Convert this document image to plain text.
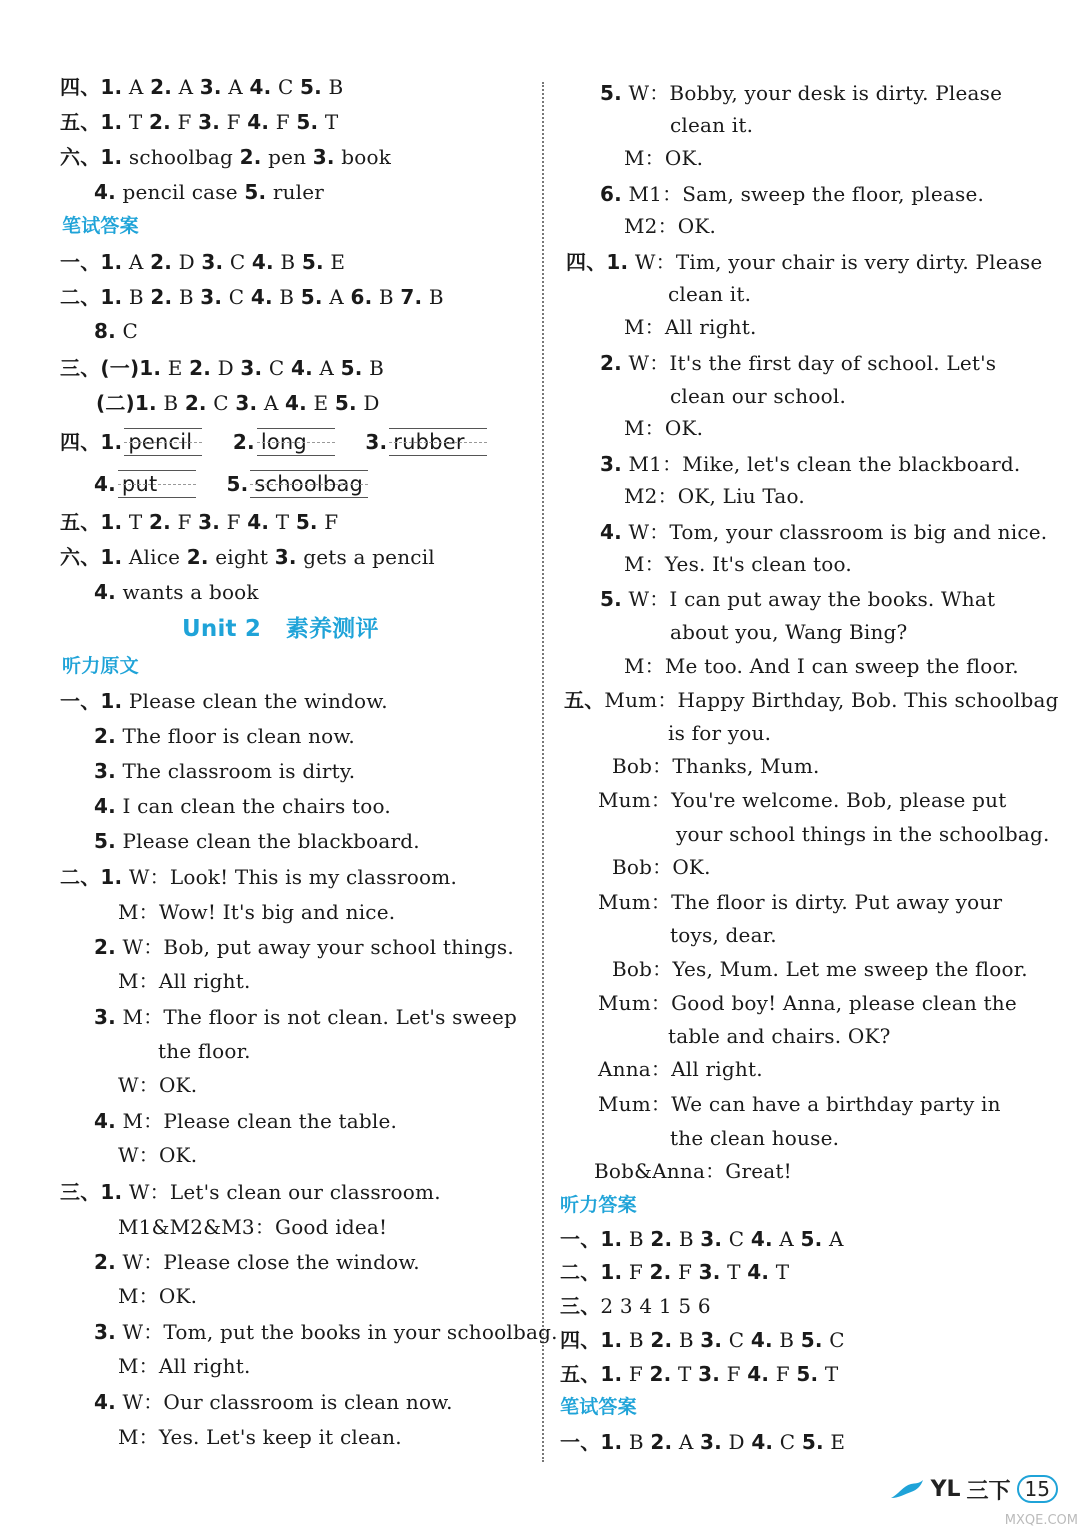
四、1. A 2. A 3. A 4. C 5. B
五、1. T 2. F 3. F 4. F 5. T
六、1. schoolbag 2. pen 3. book
4. pencil case 5. ruler
笔试答案
一、1. A 2. D 3. C 4. B 5. E
二、1. B 2. B 3. C 4. B 5. A 6. B 7. B
8. C
三、(一)1. E 2. D 3. C 4. A 5. B
(二)1. B 2. C 3. A 4. E 5. D
四、1. pencil 2. long	3. rubber
4. put	5. schoolbag
五、1. T 2. F 3. F 4. T 5. F
六、1. Alice 2. eight 3. gets a pencil
4. wants a book
Unit 2 素养测评
听力原文
一、1. Please clean the window.
2. The floor is clean now.
3. The classroom is dirty.
4. I can clean the chairs too.
5. Please clean the blackboard.
二、1. W：Look! This is my classroom.
M：Wow! It's big and nice.
2. W：Bob, put away your school things.
M：All right.
3. M：The floor is not clean. Let's sweep
the floor.
W：OK.
4. M：Please clean the table.
W：OK.
三、1. W：Let's clean our classroom.
M1&M2&M3：Good idea!
2. W：Please close the window.
M：OK.
3. W：Tom, put the books in your schoolbag.
M：All right.
4. W：Our classroom is clean now.
M：Yes. Let's keep it clean.
5. W：Bobby, your desk is dirty. Please
clean it.
M：OK.
6. M1：Sam, sweep the floor, please.
M2：OK.
四、1. W：Tim, your chair is very dirty. Please
clean it.
M：All right.
2. W：It's the first day of school. Let's
clean our school.
M：OK.
3. M1：Mike, let's clean the blackboard.
M2：OK, Liu Tao.
4. W：Tom, your classroom is big and nice.
M：Yes. It's clean too.
5. W：I can put away the books. What
about you, Wang Bing?
M：Me too. And I can sweep the floor.
五、Mum：Happy Birthday, Bob. This schoolbag
is for you.
Bob：Thanks, Mum.
Mum：You're welcome. Bob, please put
your school things in the schoolbag.
Bob：OK.
Mum：The floor is dirty. Put away your
toys, dear.
Bob：Yes, Mum. Let me sweep the floor.
Mum：Good boy! Anna, please clean the
table and chairs. OK?
Anna：All right.
Mum：We can have a birthday party in
the clean house.
Bob&Anna：Great!
听力答案
一、1. B 2. B 3. C 4. A 5. A
二、1. F 2. F 3. T 4. T
三、2 3 4 1 5 6
四、1. B 2. B 3. C 4. B 5. C
五、1. F 2. T 3. F 4. F 5. T
笔试答案
一、1. B 2. A 3. D 4. C 5. E
YL 三下 15
MXQE.COM
